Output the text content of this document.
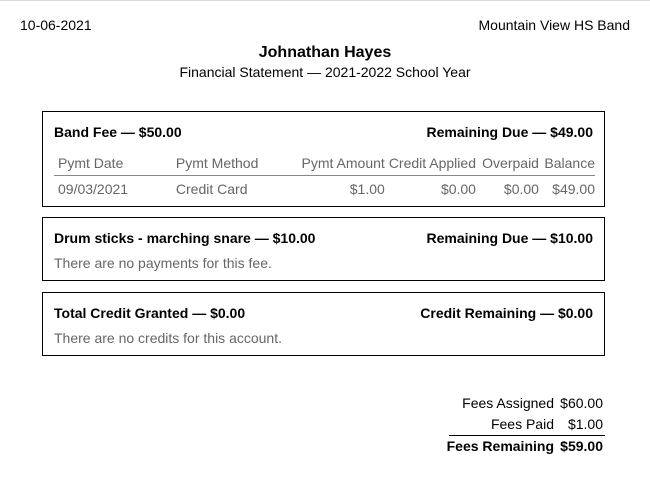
10-06-2021	Mountain View HS Band
Johnathan Hayes
Financial Statement — 2021-2022 School Year
Band Fee — $50.00	Remaining Due — $49.00
Pymt Date	Pymt Method	Pymt Amount	Credit Applied	Overpaid	Balance
09/03/2021	Credit Card	$1.00	$0.00	$0.00	$49.00
Drum sticks - marching snare — $10.00	Remaining Due — $10.00
There are no payments for this fee.
Total Credit Granted — $0.00	Credit Remaining — $0.00
There are no credits for this account.
Fees Assigned $60.00
Fees Paid $1.00
Fees Remaining $59.00
